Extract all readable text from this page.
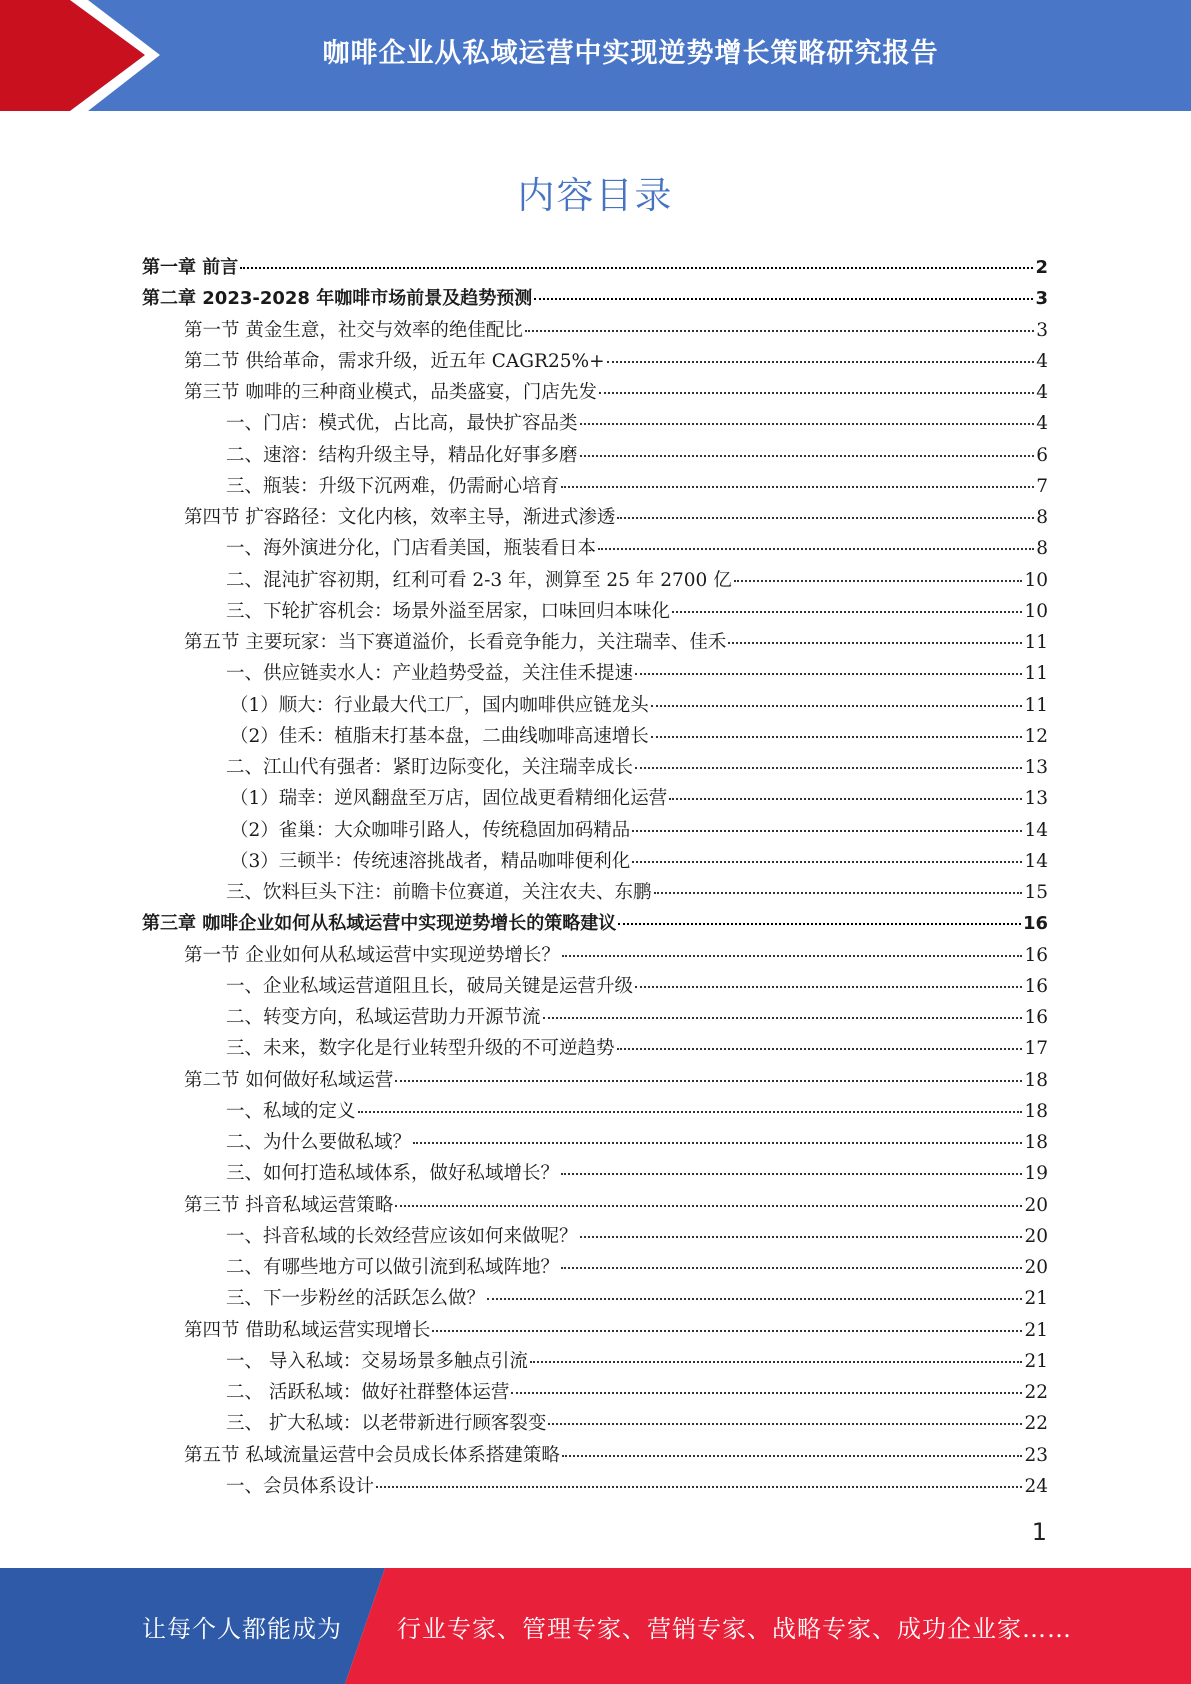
咖啡企业从私域运营中实现逆势增长策略研究报告
内容目录
第一章 前言	2
第二章 2023-2028 年咖啡市场前景及趋势预测	3
第一节 黄金生意，社交与效率的绝佳配比	3
第二节 供给革命，需求升级，近五年 CAGR25%+	4
第三节 咖啡的三种商业模式，品类盛宴，门店先发	4
一、门店：模式优，占比高，最快扩容品类	4
二、速溶：结构升级主导，精品化好事多磨	6
三、瓶装：升级下沉两难，仍需耐心培育	7
第四节 扩容路径：文化内核，效率主导，渐进式渗透	8
一、海外演进分化，门店看美国，瓶装看日本	8
二、混沌扩容初期，红利可看 2-3 年，测算至 25 年 2700 亿	10
三、下轮扩容机会：场景外溢至居家，口味回归本味化	10
第五节 主要玩家：当下赛道溢价，长看竞争能力，关注瑞幸、佳禾	11
一、供应链卖水人：产业趋势受益，关注佳禾提速	11
（1）顺大：行业最大代工厂，国内咖啡供应链龙头	11
（2）佳禾：植脂末打基本盘，二曲线咖啡高速增长	12
二、江山代有强者：紧盯边际变化，关注瑞幸成长	13
（1）瑞幸：逆风翻盘至万店，固位战更看精细化运营	13
（2）雀巢：大众咖啡引路人，传统稳固加码精品	14
（3）三顿半：传统速溶挑战者，精品咖啡便利化	14
三、饮料巨头下注：前瞻卡位赛道，关注农夫、东鹏	15
第三章 咖啡企业如何从私域运营中实现逆势增长的策略建议	16
第一节 企业如何从私域运营中实现逆势增长？	16
一、企业私域运营道阻且长，破局关键是运营升级	16
二、转变方向，私域运营助力开源节流	16
三、未来，数字化是行业转型升级的不可逆趋势	17
第二节 如何做好私域运营	18
一、私域的定义	18
二、为什么要做私域？	18
三、如何打造私域体系，做好私域增长？	19
第三节 抖音私域运营策略	20
一、抖音私域的长效经营应该如何来做呢？	20
二、有哪些地方可以做引流到私域阵地？	20
三、下一步粉丝的活跃怎么做？	21
第四节 借助私域运营实现增长	21
一、 导入私域：交易场景多触点引流	21
二、 活跃私域：做好社群整体运营	22
三、 扩大私域：以老带新进行顾客裂变	22
第五节 私域流量运营中会员成长体系搭建策略	23
一、会员体系设计	24
1
让每个人都能成为 行业专家、管理专家、营销专家、战略专家、成功企业家……
